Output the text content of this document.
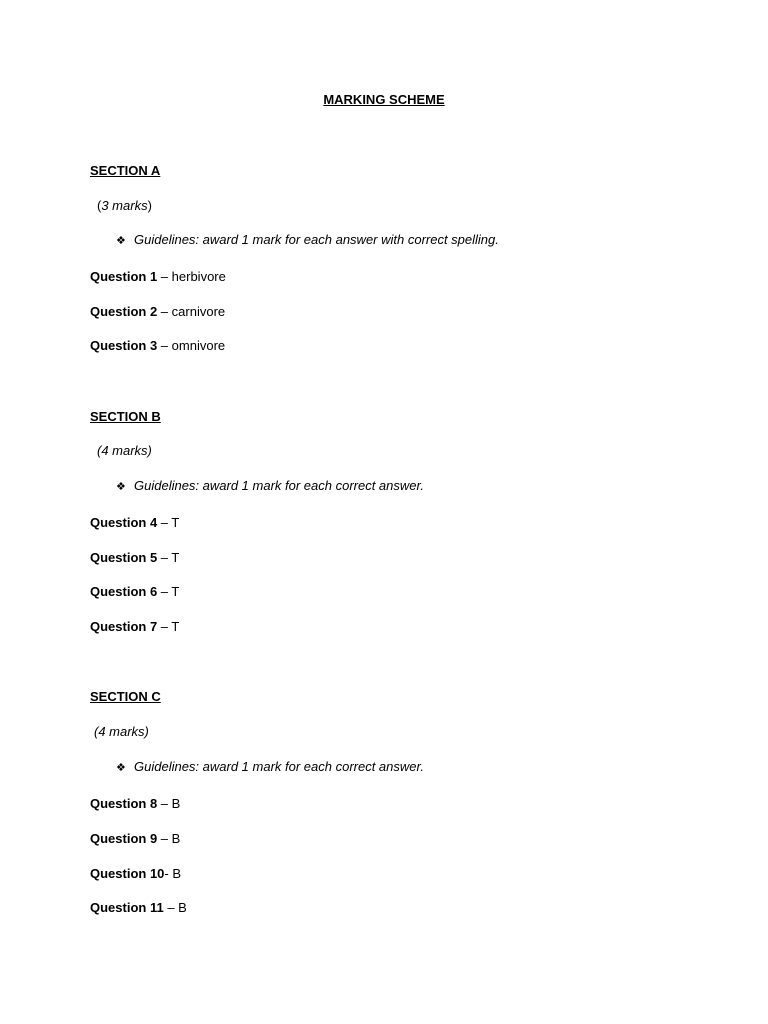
MARKING SCHEME
SECTION A
(3 marks)
❖ Guidelines: award 1 mark for each answer with correct spelling.
Question 1 – herbivore
Question 2 – carnivore
Question 3 – omnivore
SECTION B
(4 marks)
❖ Guidelines: award 1 mark for each correct answer.
Question 4 – T
Question 5 – T
Question 6 – T
Question 7 – T
SECTION C
(4 marks)
❖ Guidelines: award 1 mark for each correct answer.
Question 8 – B
Question 9 – B
Question 10- B
Question 11 – B
